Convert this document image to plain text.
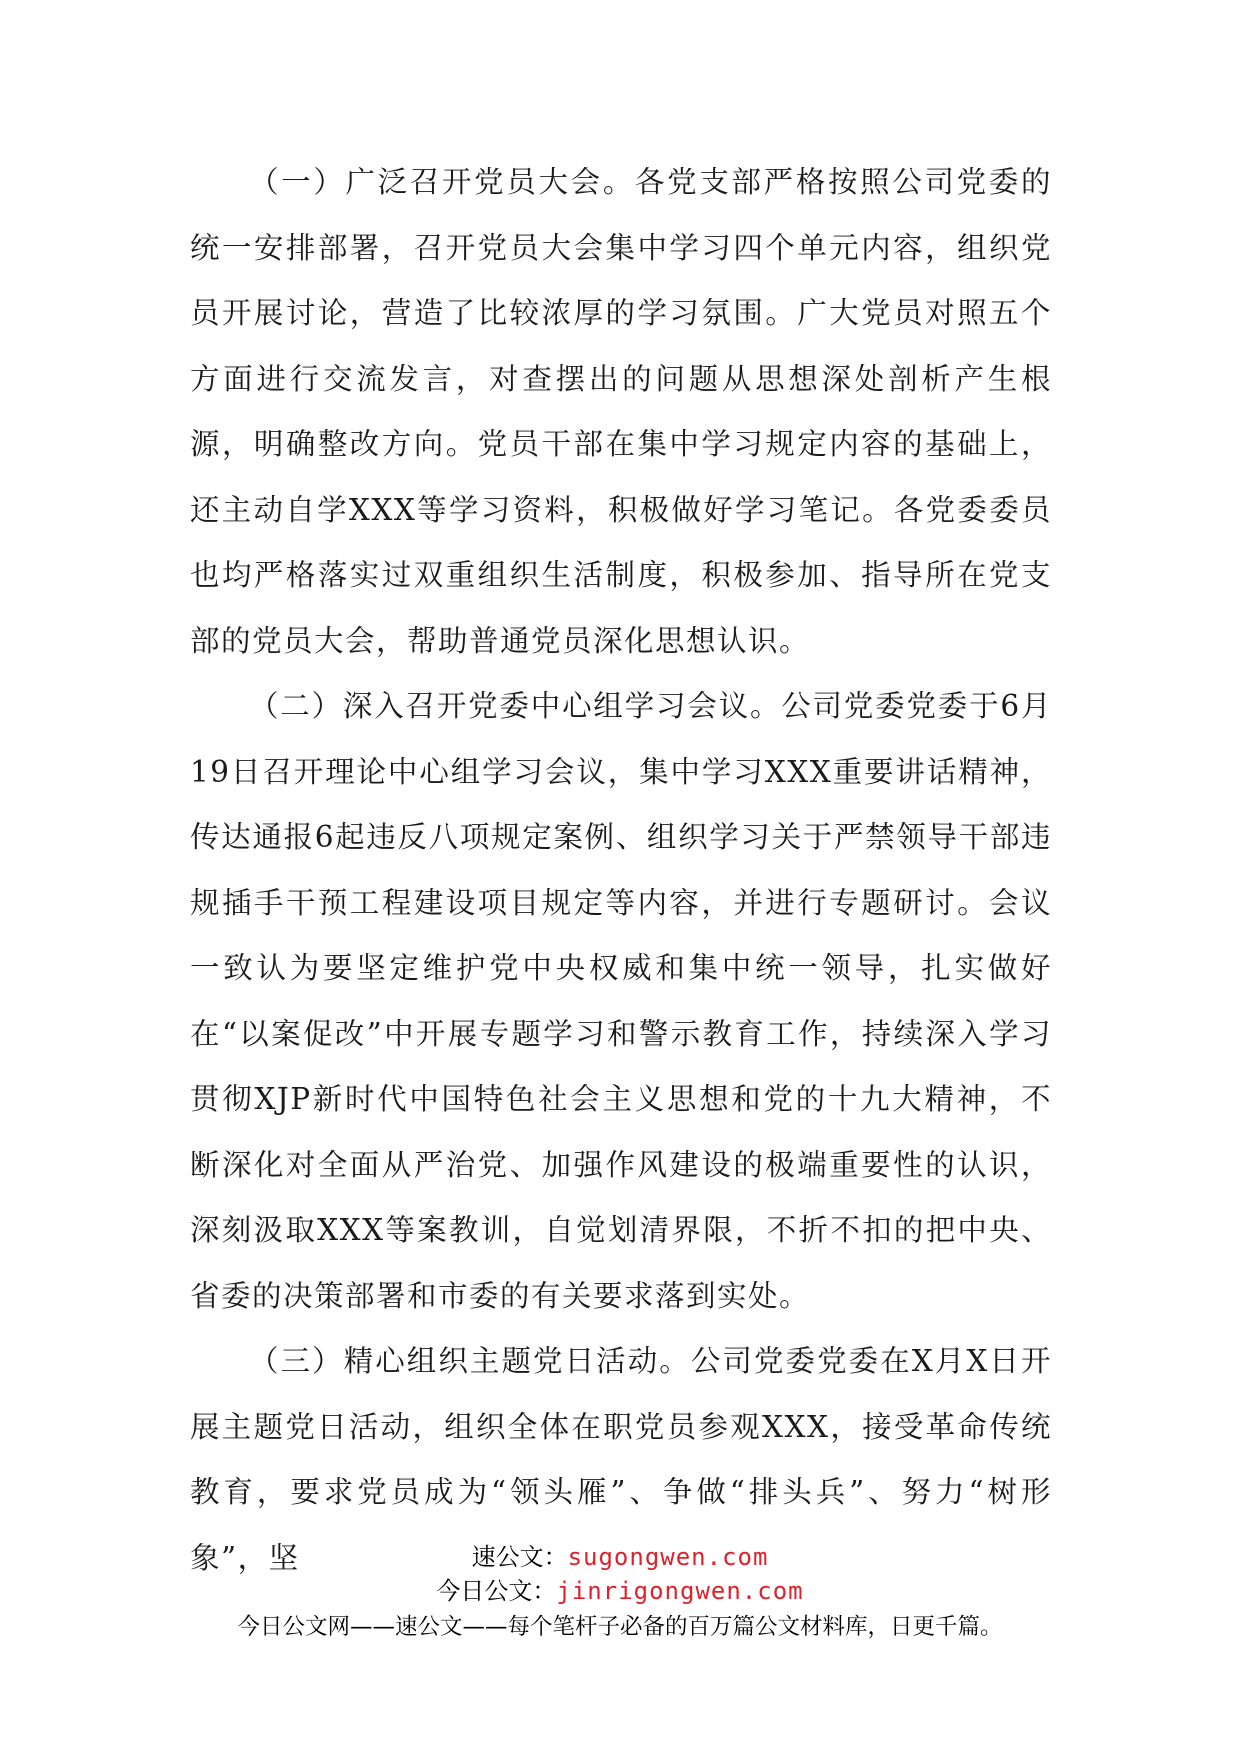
（一）广泛召开党员大会。各党支部严格按照公司党委的统一安排部署，召开党员大会集中学习四个单元内容，组织党员开展讨论，营造了比较浓厚的学习氛围。广大党员对照五个方面进行交流发言，对查摆出的问题从思想深处剖析产生根源，明确整改方向。党员干部在集中学习规定内容的基础上，还主动自学XXX等学习资料，积极做好学习笔记。各党委委员也均严格落实过双重组织生活制度，积极参加、指导所在党支部的党员大会，帮助普通党员深化思想认识。

（二）深入召开党委中心组学习会议。公司党委党委于6月19日召开理论中心组学习会议，集中学习XXX重要讲话精神，传达通报6起违反八项规定案例、组织学习关于严禁领导干部违规插手干预工程建设项目规定等内容，并进行专题研讨。会议一致认为要坚定维护党中央权威和集中统一领导，扎实做好在“以案促改”中开展专题学习和警示教育工作，持续深入学习贯彻XJP新时代中国特色社会主义思想和党的十九大精神，不断深化对全面从严治党、加强作风建设的极端重要性的认识，深刻汲取XXX等案教训，自觉划清界限，不折不扣的把中央、省委的决策部署和市委的有关要求落到实处。

（三）精心组织主题党日活动。公司党委党委在X月X日开展主题党日活动，组织全体在职党员参观XXX，接受革命传统教育，要求党员成为“领头雁”、争做“排头兵”、努力“树形象”，坚	速公文：sugongwen.com
今日公文：jinrigongwen.com
今日公文网——速公文——每个笔杆子必备的百万篇公文材料库，日更千篇。
